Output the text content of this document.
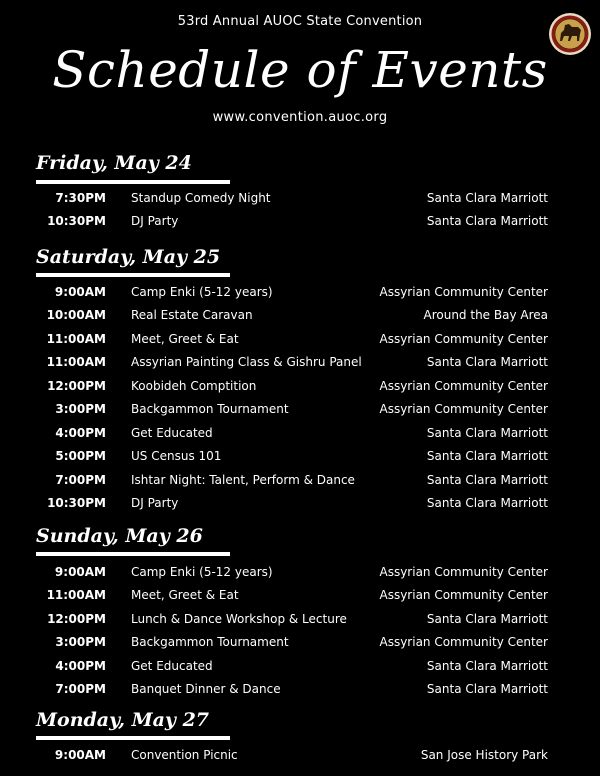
53rd Annual AUOC State Convention
Schedule of Events
www.convention.auoc.org
Friday, May 24
7:30PM Standup Comedy Night	Santa Clara Marriott
10:30PM DJ Party	Santa Clara Marriott
Saturday, May 25
9:00AM Camp Enki (5-12 years)	Assyrian Community Center
10:00AM Real Estate Caravan	Around the Bay Area
11:00AM Meet, Greet & Eat	Assyrian Community Center
11:00AM Assyrian Painting Class & Gishru Panel	Santa Clara Marriott
12:00PM Koobideh Comptition	Assyrian Community Center
3:00PM Backgammon Tournament	Assyrian Community Center
4:00PM Get Educated	Santa Clara Marriott
5:00PM US Census 101	Santa Clara Marriott
7:00PM Ishtar Night: Talent, Perform & Dance	Santa Clara Marriott
10:30PM DJ Party	Santa Clara Marriott
Sunday, May 26
9:00AM Camp Enki (5-12 years)	Assyrian Community Center
11:00AM Meet, Greet & Eat	Assyrian Community Center
12:00PM Lunch & Dance Workshop & Lecture	Santa Clara Marriott
3:00PM Backgammon Tournament	Assyrian Community Center
4:00PM Get Educated	Santa Clara Marriott
7:00PM Banquet Dinner & Dance	Santa Clara Marriott
Monday, May 27
9:00AM Convention Picnic	San Jose History Park
